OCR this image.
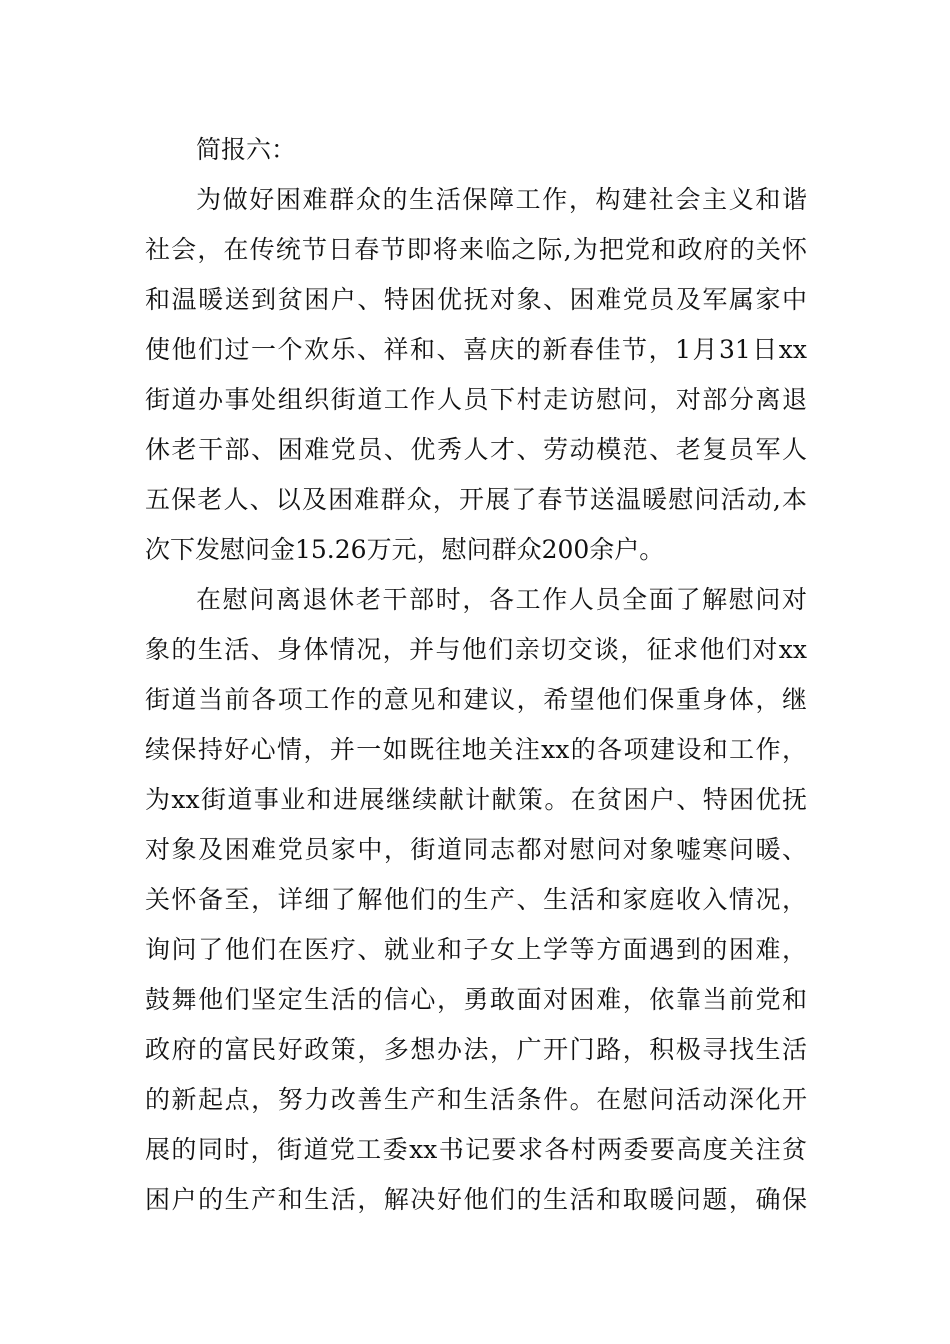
简报六：
为做好困难群众的生活保障工作，构建社会主义和谐
社会，在传统节日春节即将来临之际,为把党和政府的关怀
和温暖送到贫困户、特困优抚对象、困难党员及军属家中
使他们过一个欢乐、祥和、喜庆的新春佳节，1月31日xx
街道办事处组织街道工作人员下村走访慰问，对部分离退
休老干部、困难党员、优秀人才、劳动模范、老复员军人
五保老人、以及困难群众，开展了春节送温暖慰问活动,本
次下发慰问金15.26万元，慰问群众200余户。
在慰问离退休老干部时，各工作人员全面了解慰问对
象的生活、身体情况，并与他们亲切交谈，征求他们对xx
街道当前各项工作的意见和建议，希望他们保重身体，继
续保持好心情，并一如既往地关注xx的各项建设和工作，
为xx街道事业和进展继续献计献策。在贫困户、特困优抚
对象及困难党员家中，街道同志都对慰问对象嘘寒问暖、
关怀备至，详细了解他们的生产、生活和家庭收入情况，
询问了他们在医疗、就业和子女上学等方面遇到的困难，
鼓舞他们坚定生活的信心，勇敢面对困难，依靠当前党和
政府的富民好政策，多想办法，广开门路，积极寻找生活
的新起点，努力改善生产和生活条件。在慰问活动深化开
展的同时，街道党工委xx书记要求各村两委要高度关注贫
困户的生产和生活，解决好他们的生活和取暖问题，确保
